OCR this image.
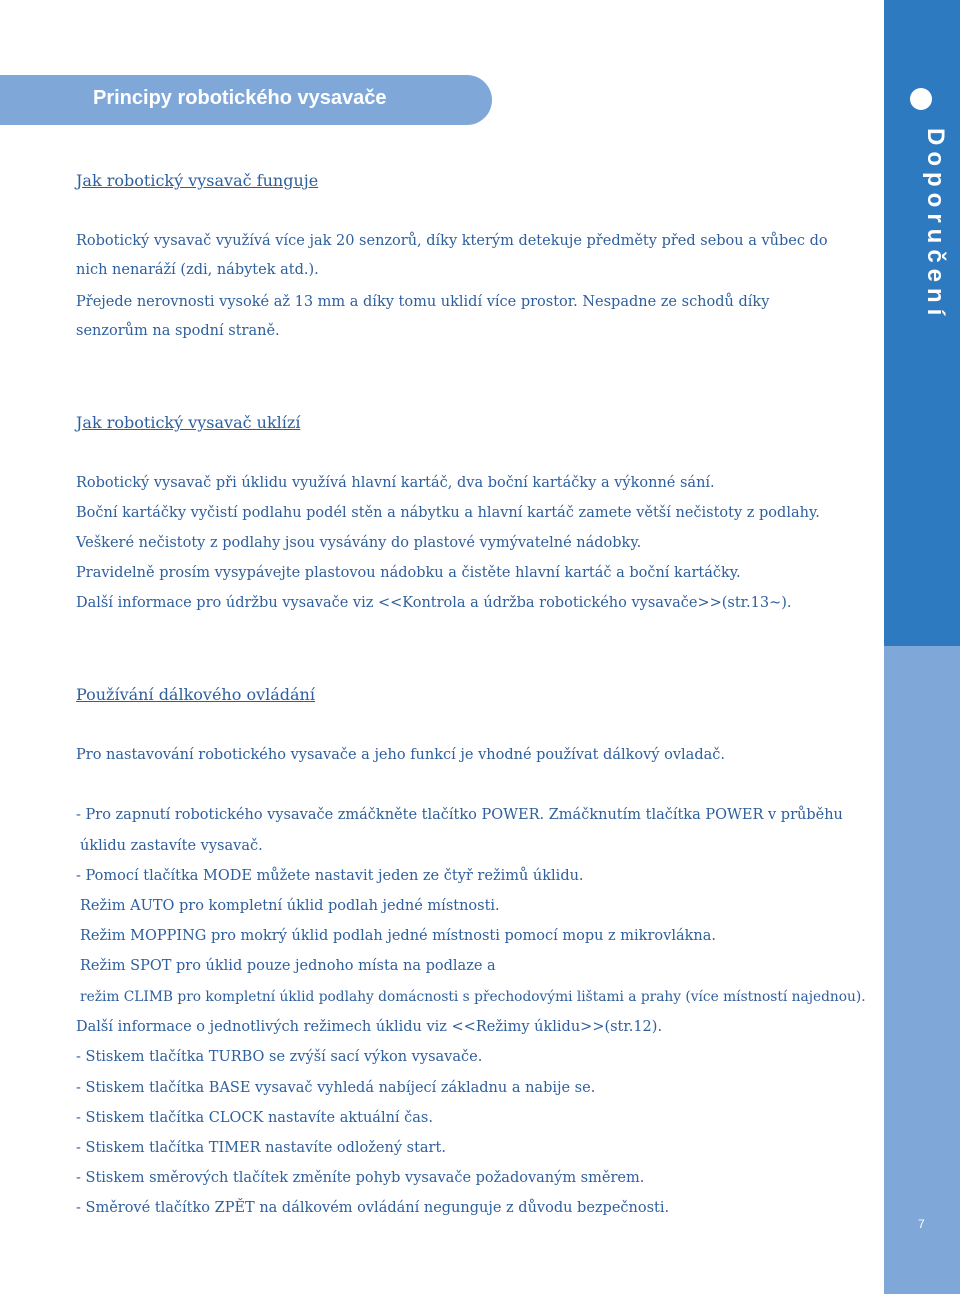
Principy robotického vysavače
Doporučení
7
Jak robotický vysavač funguje
Robotický vysavač využívá více jak 20 senzorů, díky kterým detekuje předměty před sebou a vůbec do
nich nenaráží (zdi, nábytek atd.).
Přejede nerovnosti vysoké až 13 mm a díky tomu uklidí více prostor. Nespadne ze schodů díky
senzorům na spodní straně.
Jak robotický vysavač uklízí
Robotický vysavač při úklidu využívá hlavní kartáč, dva boční kartáčky a výkonné sání.
Boční kartáčky vyčistí podlahu podél stěn a nábytku a hlavní kartáč zamete větší nečistoty z podlahy.
Veškeré nečistoty z podlahy jsou vysávány do plastové vymývatelné nádobky.
Pravidelně prosím vysypávejte plastovou nádobku a čistěte hlavní kartáč a boční kartáčky.
Další informace pro údržbu vysavače viz <<Kontrola a údržba robotického vysavače>>(str.13~).
Používání dálkového ovládání
Pro nastavování robotického vysavače a jeho funkcí je vhodné používat dálkový ovladač.
- Pro zapnutí robotického vysavače zmáčkněte tlačítko POWER. Zmáčknutím tlačítka POWER v průběhu
úklidu zastavíte vysavač.
- Pomocí tlačítka MODE můžete nastavit jeden ze čtyř režimů úklidu.
Režim AUTO pro kompletní úklid podlah jedné místnosti.
Režim MOPPING pro mokrý úklid podlah jedné místnosti pomocí mopu z mikrovlákna.
Režim SPOT pro úklid pouze jednoho místa na podlaze a
režim CLIMB pro kompletní úklid podlahy domácnosti s přechodovými lištami a prahy (více místností najednou).
Další informace o jednotlivých režimech úklidu viz <<Režimy úklidu>>(str.12).
- Stiskem tlačítka TURBO se zvýší sací výkon vysavače.
- Stiskem tlačítka BASE vysavač vyhledá nabíjecí základnu a nabije se.
- Stiskem tlačítka CLOCK nastavíte aktuální čas.
- Stiskem tlačítka TIMER nastavíte odložený start.
- Stiskem směrových tlačítek změníte pohyb vysavače požadovaným směrem.
- Směrové tlačítko ZPĚT na dálkovém ovládání negunguje z důvodu bezpečnosti.
